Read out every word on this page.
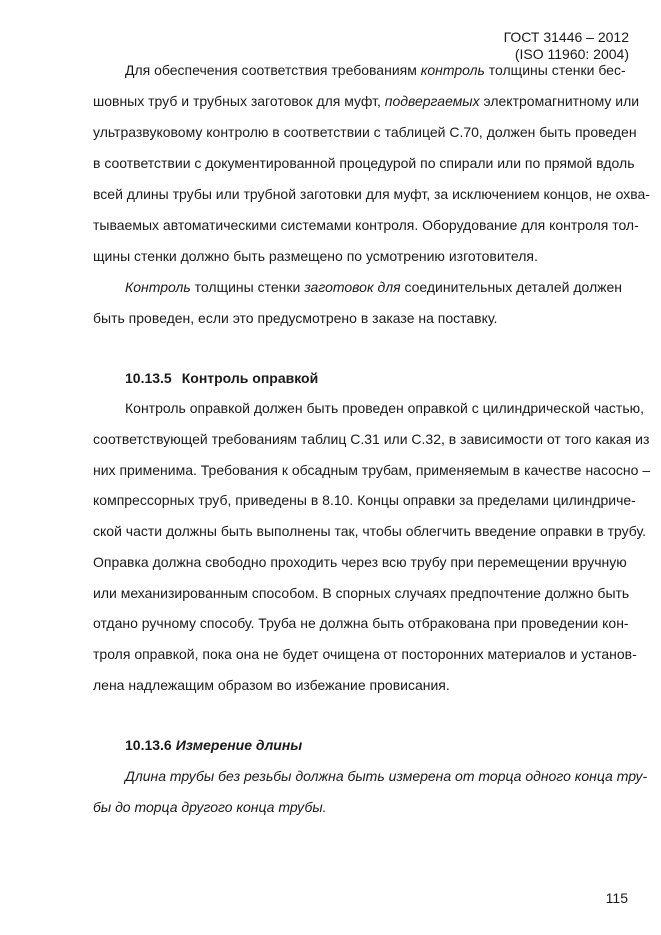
ГОСТ 31446 – 2012
(ISO 11960: 2004)
Для обеспечения соответствия требованиям контроль толщины стенки бес-
шовных труб и трубных заготовок для муфт, подвергаемых электромагнитному или
ультразвуковому контролю в соответствии с таблицей С.70, должен быть проведен
в соответствии с документированной процедурой по спирали или по прямой вдоль
всей длины трубы или трубной заготовки для муфт, за исключением концов, не охва-
тываемых автоматическими системами контроля. Оборудование для контроля тол-
щины стенки должно быть размещено по усмотрению изготовителя.
Контроль толщины стенки заготовок для соединительных деталей должен
быть проведен, если это предусмотрено в заказе на поставку.
10.13.5 Контроль оправкой
Контроль оправкой должен быть проведен оправкой с цилиндрической частью,
соответствующей требованиям таблиц С.31 или С.32, в зависимости от того какая из
них применима. Требования к обсадным трубам, применяемым в качестве насосно –
компрессорных труб, приведены в 8.10. Концы оправки за пределами цилиндриче-
ской части должны быть выполнены так, чтобы облегчить введение оправки в трубу.
Оправка должна свободно проходить через всю трубу при перемещении вручную
или механизированным способом. В спорных случаях предпочтение должно быть
отдано ручному способу. Труба не должна быть отбракована при проведении кон-
троля оправкой, пока она не будет очищена от посторонних материалов и установ-
лена надлежащим образом во избежание провисания.
10.13.6 Измерение длины
Длина трубы без резьбы должна быть измерена от торца одного конца тру-
бы до торца другого конца трубы.
115
